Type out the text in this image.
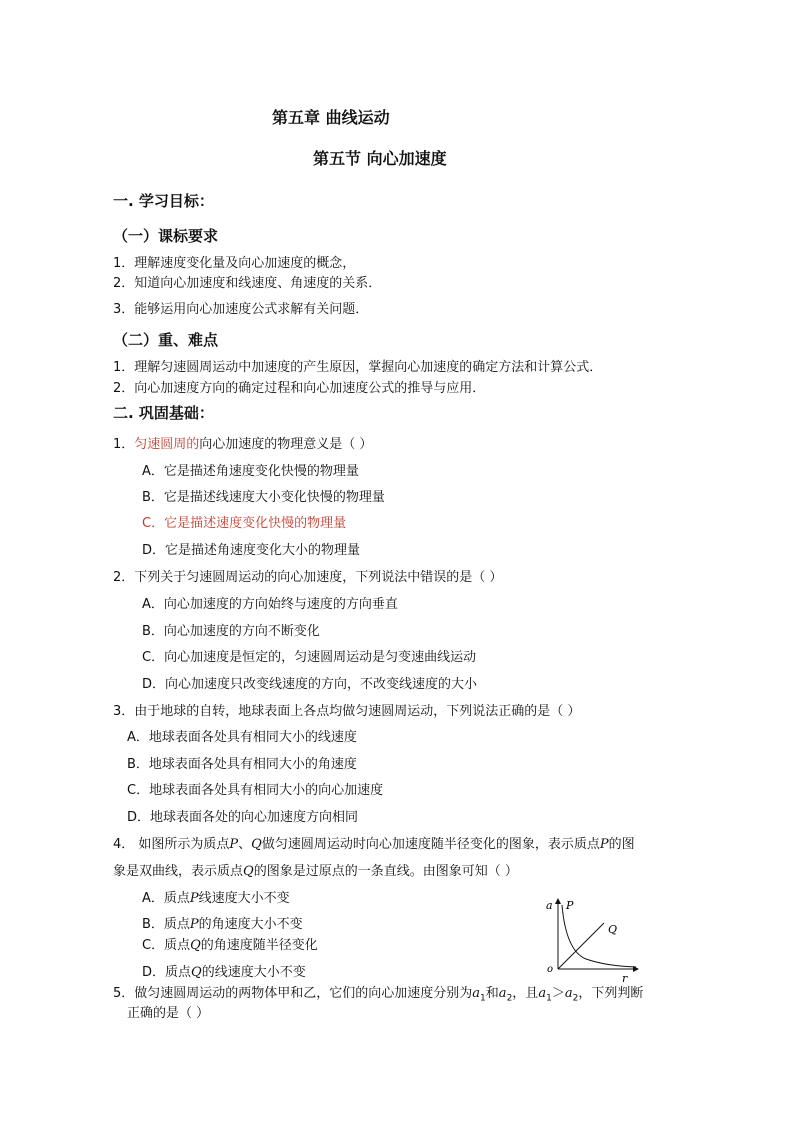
第五章 曲线运动
第五节 向心加速度
一. 学习目标：
（一）课标要求
1．理解速度变化量及向心加速度的概念，
2．知道向心加速度和线速度、角速度的关系．
3．能够运用向心加速度公式求解有关问题．
（二）重、难点
1．理解匀速圆周运动中加速度的产生原因，掌握向心加速度的确定方法和计算公式．
2．向心加速度方向的确定过程和向心加速度公式的推导与应用．
二. 巩固基础：
1．匀速圆周的向心加速度的物理意义是（ ）
A．它是描述角速度变化快慢的物理量
B．它是描述线速度大小变化快慢的物理量
C．它是描述速度变化快慢的物理量
D．它是描述角速度变化大小的物理量
2．下列关于匀速圆周运动的向心加速度，下列说法中错误的是（ ）
A．向心加速度的方向始终与速度的方向垂直
B．向心加速度的方向不断变化
C．向心加速度是恒定的，匀速圆周运动是匀变速曲线运动
D．向心加速度只改变线速度的方向，不改变线速度的大小
3．由于地球的自转，地球表面上各点均做匀速圆周运动，下列说法正确的是（ ）
A．地球表面各处具有相同大小的线速度
B．地球表面各处具有相同大小的角速度
C．地球表面各处具有相同大小的向心加速度
D．地球表面各处的向心加速度方向相同
4． 如图所示为质点P、Q做匀速圆周运动时向心加速度随半径变化的图象，表示质点P的图
象是双曲线，表示质点Q的图象是过原点的一条直线。由图象可知（ ）
A．质点P线速度大小不变
B．质点P的角速度大小不变
C．质点Q的角速度随半径变化
D．质点Q的线速度大小不变
a P
Q
o
r
5．做匀速圆周运动的两物体甲和乙，它们的向心加速度分别为$a_1$和$a_2$，且$a_1>a_2$，下列判断
正确的是（ ）
